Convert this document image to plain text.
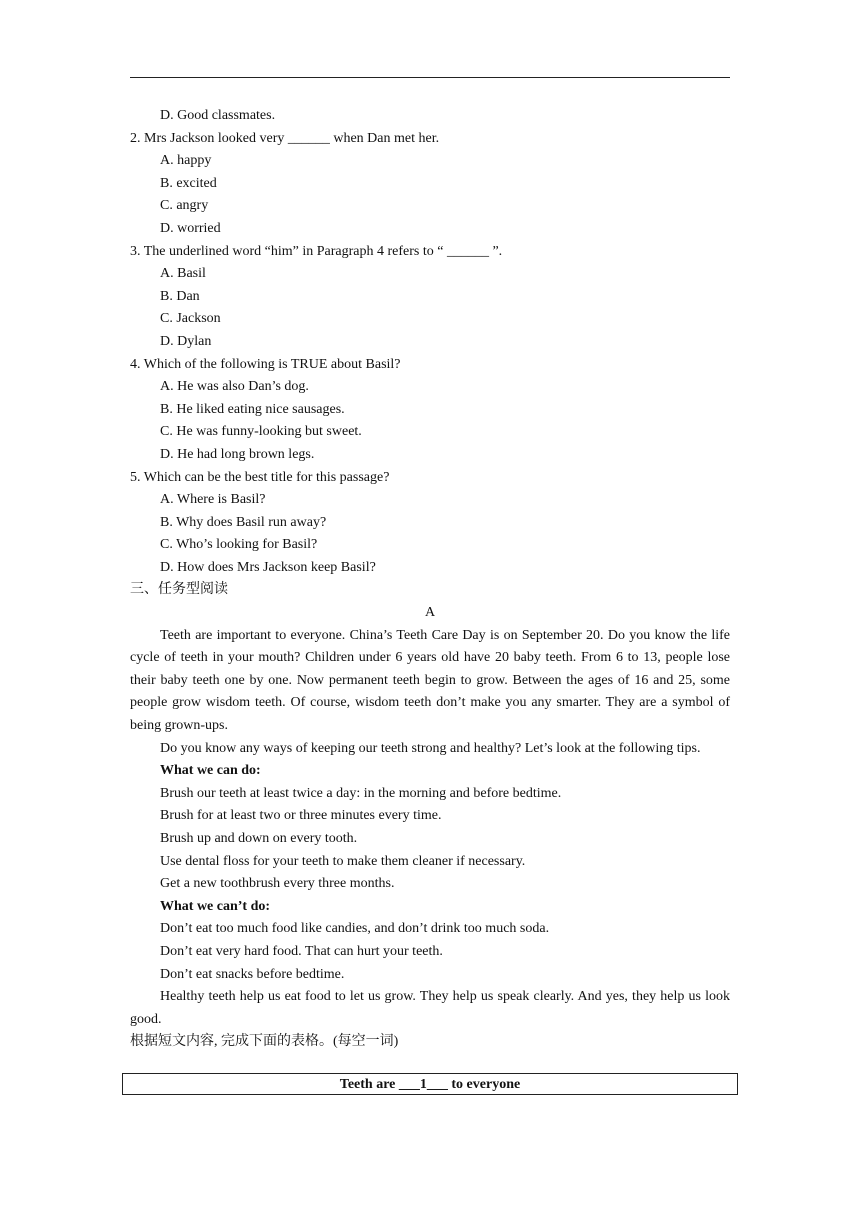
D. Good classmates.
2. Mrs Jackson looked very ______ when Dan met her.
A. happy
B. excited
C. angry
D. worried
3. The underlined word “him” in Paragraph 4 refers to “ ______ ”.
A. Basil
B. Dan
C. Jackson
D. Dylan
4. Which of the following is TRUE about Basil?
A. He was also Dan’s dog.
B. He liked eating nice sausages.
C. He was funny-looking but sweet.
D. He had long brown legs.
5. Which can be the best title for this passage?
A. Where is Basil?
B. Why does Basil run away?
C. Who’s looking for Basil?
D. How does Mrs Jackson keep Basil?
三、任务型阅读
A
Teeth are important to everyone. China’s Teeth Care Day is on September 20. Do you know the life cycle of teeth in your mouth? Children under 6 years old have 20 baby teeth. From 6 to 13, people lose their baby teeth one by one. Now permanent teeth begin to grow. Between the ages of 16 and 25, some people grow wisdom teeth. Of course, wisdom teeth don’t make you any smarter. They are a symbol of being grown-ups.
Do you know any ways of keeping our teeth strong and healthy? Let’s look at the following tips.
What we can do:
Brush our teeth at least twice a day: in the morning and before bedtime.
Brush for at least two or three minutes every time.
Brush up and down on every tooth.
Use dental floss for your teeth to make them cleaner if necessary.
Get a new toothbrush every three months.
What we can’t do:
Don’t eat too much food like candies, and don’t drink too much soda.
Don’t eat very hard food. That can hurt your teeth.
Don’t eat snacks before bedtime.
Healthy teeth help us eat food to let us grow. They help us speak clearly. And yes, they help us look good.
根据短文内容, 完成下面的表格。(每空一词)
Teeth are ___1___ to everyone
